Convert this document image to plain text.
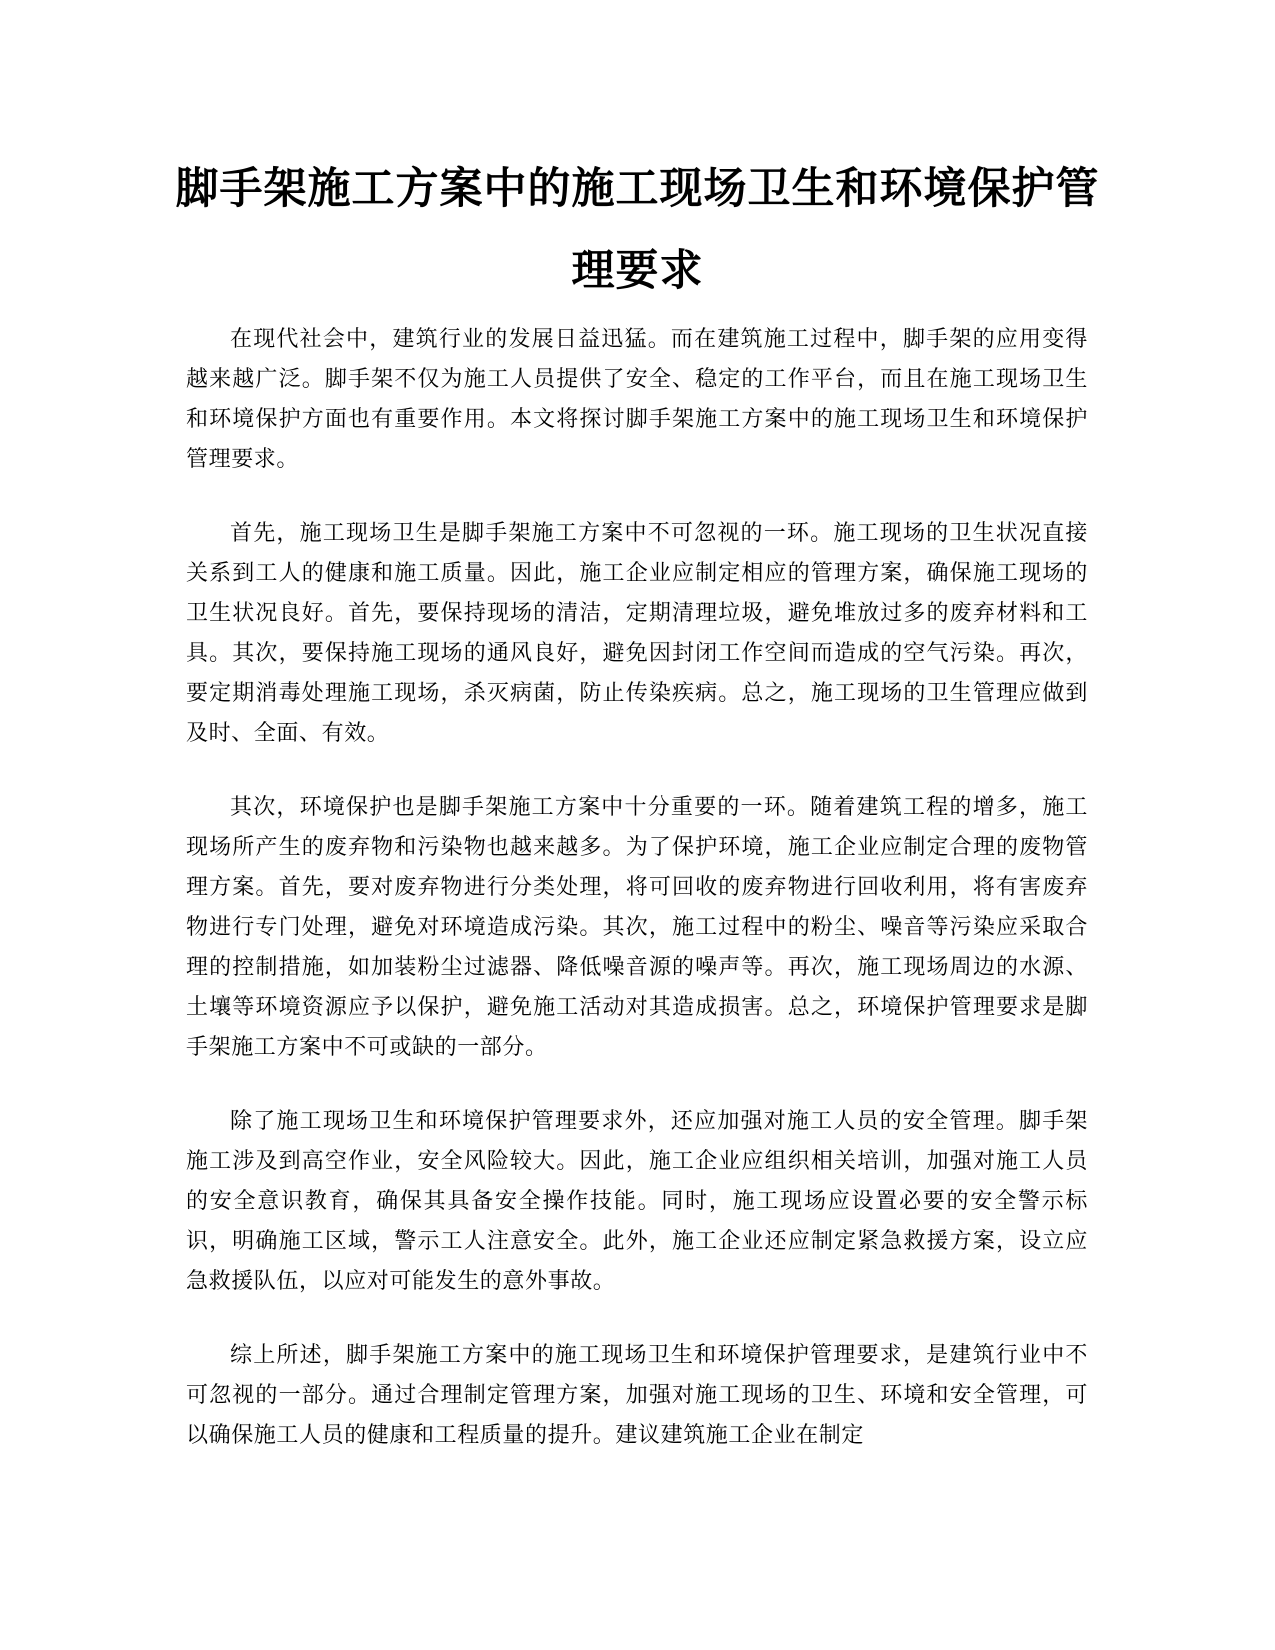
脚手架施工方案中的施工现场卫生和环境保护管理要求

在现代社会中，建筑行业的发展日益迅猛。而在建筑施工过程中，脚手架的应用变得越来越广泛。脚手架不仅为施工人员提供了安全、稳定的工作平台，而且在施工现场卫生和环境保护方面也有重要作用。本文将探讨脚手架施工方案中的施工现场卫生和环境保护管理要求。

首先，施工现场卫生是脚手架施工方案中不可忽视的一环。施工现场的卫生状况直接关系到工人的健康和施工质量。因此，施工企业应制定相应的管理方案，确保施工现场的卫生状况良好。首先，要保持现场的清洁，定期清理垃圾，避免堆放过多的废弃材料和工具。其次，要保持施工现场的通风良好，避免因封闭工作空间而造成的空气污染。再次，要定期消毒处理施工现场，杀灭病菌，防止传染疾病。总之，施工现场的卫生管理应做到及时、全面、有效。

其次，环境保护也是脚手架施工方案中十分重要的一环。随着建筑工程的增多，施工现场所产生的废弃物和污染物也越来越多。为了保护环境，施工企业应制定合理的废物管理方案。首先，要对废弃物进行分类处理，将可回收的废弃物进行回收利用，将有害废弃物进行专门处理，避免对环境造成污染。其次，施工过程中的粉尘、噪音等污染应采取合理的控制措施，如加装粉尘过滤器、降低噪音源的噪声等。再次，施工现场周边的水源、土壤等环境资源应予以保护，避免施工活动对其造成损害。总之，环境保护管理要求是脚手架施工方案中不可或缺的一部分。

除了施工现场卫生和环境保护管理要求外，还应加强对施工人员的安全管理。脚手架施工涉及到高空作业，安全风险较大。因此，施工企业应组织相关培训，加强对施工人员的安全意识教育，确保其具备安全操作技能。同时，施工现场应设置必要的安全警示标识，明确施工区域，警示工人注意安全。此外，施工企业还应制定紧急救援方案，设立应急救援队伍，以应对可能发生的意外事故。

综上所述，脚手架施工方案中的施工现场卫生和环境保护管理要求，是建筑行业中不可忽视的一部分。通过合理制定管理方案，加强对施工现场的卫生、环境和安全管理，可以确保施工人员的健康和工程质量的提升。建议建筑施工企业在制定
